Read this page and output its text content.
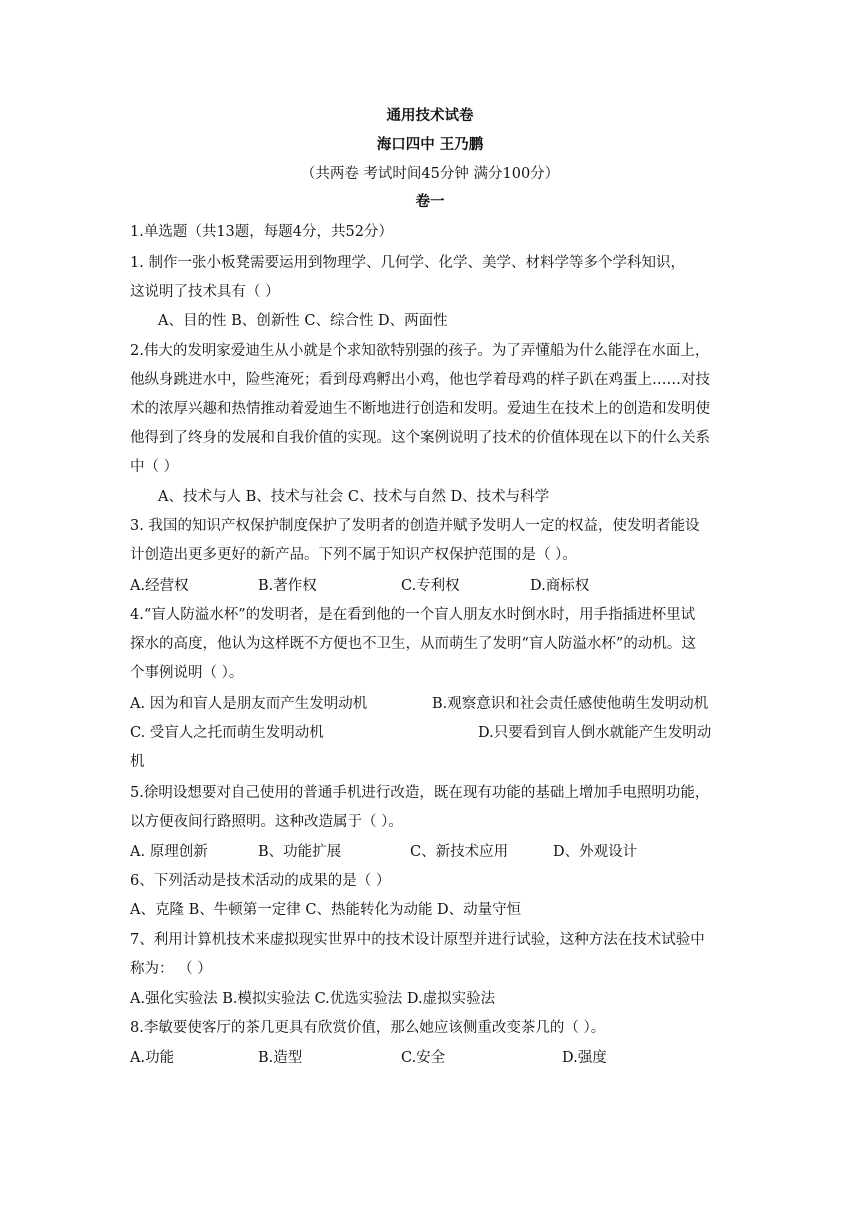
通用技术试卷
海口四中 王乃鹏
（共两卷 考试时间45分钟 满分100分）
卷一
1.单选题（共13题，每题4分，共52分）
1. 制作一张小板凳需要运用到物理学、几何学、化学、美学、材料学等多个学科知识，
这说明了技术具有（ ）
A、目的性 B、创新性 C、综合性 D、两面性
2.伟大的发明家爱迪生从小就是个求知欲特别强的孩子。为了弄懂船为什么能浮在水面上，
他纵身跳进水中，险些淹死；看到母鸡孵出小鸡，他也学着母鸡的样子趴在鸡蛋上……对技
术的浓厚兴趣和热情推动着爱迪生不断地进行创造和发明。爱迪生在技术上的创造和发明使
他得到了终身的发展和自我价值的实现。这个案例说明了技术的价值体现在以下的什么关系
中（ ）
A、技术与人 B、技术与社会 C、技术与自然 D、技术与科学
3. 我国的知识产权保护制度保护了发明者的创造并赋予发明人一定的权益，使发明者能设
计创造出更多更好的新产品。下列不属于知识产权保护范围的是（ ）。
A.经营权	B.著作权	C.专利权	D.商标权
4.“盲人防溢水杯”的发明者，是在看到他的一个盲人朋友水时倒水时，用手指插进杯里试
探水的高度，他认为这样既不方便也不卫生，从而萌生了发明“盲人防溢水杯”的动机。这
个事例说明（ ）。
A. 因为和盲人是朋友而产生发明动机	B.观察意识和社会责任感使他萌生发明动机
C. 受盲人之托而萌生发明动机	D.只要看到盲人倒水就能产生发明动
机
5.徐明设想要对自己使用的普通手机进行改造，既在现有功能的基础上增加手电照明功能，
以方便夜间行路照明。这种改造属于（ ）。
A. 原理创新	B、功能扩展	C、新技术应用	D、外观设计
6、下列活动是技术活动的成果的是（ ）
A、克隆 B、牛顿第一定律 C、热能转化为动能 D、动量守恒
7、利用计算机技术来虚拟现实世界中的技术设计原型并进行试验，这种方法在技术试验中
称为： （ ）
A.强化实验法 B.模拟实验法 C.优选实验法 D.虚拟实验法
8.李敏要使客厅的茶几更具有欣赏价值，那么她应该侧重改变茶几的（ ）。
A.功能	B.造型	C.安全	D.强度
